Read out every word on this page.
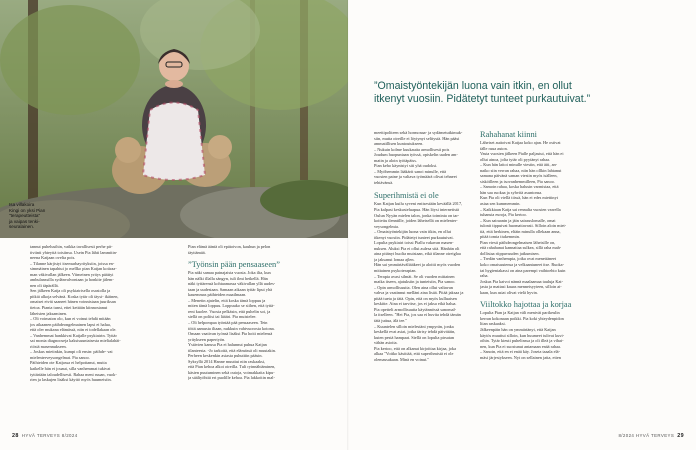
Isa villakoira
Kingi on yksi Pian
"terapeutteista"
ja vaipas tenki-
seuralainen.
tannut puhelusihin, vaikka tavallisesti perhe pit-
tiviinti yhteyttä toisiinsa. Usein Pia lähti lammitin-
neena Katjaan ovelta pois.
– Tilanne kärjistyi itsemurhayrityksiin, joissa en-
simmäinen tapahtui jo mellko pian Katjan kotiraa-
man väkivallan jälkeen. Viimeinen yritys päättyi
ambulanssilla sydänvalvontaan ja honkite jälem-
nen oli täpärällä.
Sen jälkeen Katja oli psykiatrisella osastolla ja
pitkiä alkoja selvänä. Koska tytär oli täysi- ikäinen,
omaiset eivät saaneet hänen voinnistaan juuriksan
tietoa. Pianta tunsi, ettei kettään kiinnostanut
läheisten jaksaminen.
– Oli voimaton olo, kun ei voinut tehdä mitään
jos aikaanen päihdeongelmainen lapsi ei halua,
että oler mukana elämässä, niin ei todellakaan ole.
– Vanhemmat hankkivat Katjalle psykiatrin. Tyttär
sai monia diagnooseja kaksisuuntaisesta mielialahäi-
riöstä masennukseen.
– Joskus mietinkin, kumpi oli ensin: päihde- vai
mielenterveysongelmat. Pia sanoo.
Päihteiden ote Katjassa ei helpottanut, mutta
kaikelle hän ei jouaut, silla vanhemmat tukivat
tyttärtään taloudellisesti. Rahaa meni ruuan, vuok-
rien ja laskujen lisäksi käyttö myös huumeisiin.
Pian elämä ääntä oli epätoivon, kauhun ja pelon
täyttämää.
”Työnsin pään pensaaseen”
Pia näki samaa painajaista vuosia. Joka ilta, kun
hän nälki illalla sängyn, tuli ilmi hetkellä. Hän
näki tyttärensä kohtaamassa väkivallan yllä uudes-
taan ja uudestaan. Samaan aikaan tyttär lipui yhä
kauemmas päihteiden maailmaan.
– Menetin ajatelin, että koska tämä loppuu ja
miten tämä loppuu. Loppuuko se siihen, että tyttä-
reni kuolee. Vuosia pelkäsin, että puhelin soi, ja
siellä on poliisi tai läääri. Pia muistelee.
– Oli helpompaa työntää pää pensaaseen. Tein
töitä aamusta iltaan, nukkuin vahtvuorosta kotona.
Omaan vaativan työnsä lisäksi Pia hoiti mielensä
yritykseen papertyön.
Ystävien kanssa Pia ei halunnut puhua Katjan
tilanteesta. -Jo tarkoitä, että elämässä oli muutakin.
Perheen keskenkin asiasta puhuttiin pääsin.
Syksyllä 2014 Hanne muuttui niin raskaaksi,
että Pian kehoa alkoi oireilla. Tuli ryinnähtäminen,
käsien puutuminen sekä outoja, voimakkaita kipu-
ja sääliyöhtiä eri puolille kehoa. Pia lakkoitin mal-
28 HYVÄ TERVEYS 8/2024
”Omaistyöntekijän luona vain itkin, en ollut
itkenyt vuosiin. Pidätetyt tunteet purkautuivat.”
meettipoliteen sekä hormonaa- ja sydämetutkimuk-
siin, mutta oireille ei löytynyt selitystä. Hän pääsi
ammatillisen kuntoutukseen.
– Nukuin kolme kuukautta armollisesti pois
Joudum huopuntaan työssä, opiskelin uuden am-
matin ja aloin työtäpäiss.
Pian keho käynistyi siti yhä oudoksi.
– Myöhemmin lääkärit sanoi minulle, että
vuosien paine ja valtava työmäärä olivat tehneet
tehtävänsä.
Superihmistä ei ole
Kun Katjan kuilu syveni entisestään keväällä 2017,
Pia kalpasi keskusteluapua. Hän löysi internetistä
Oulun Nyyän mielen talon, jonka toiminta on tar-
koitettu tlenntille, joiden läheisellä on mielenter-
veysongelmia.
– Omaistyöntekijän luona vain itkin, en ollut
itkenyt vuosiin. Pidätetyt tunteet purkautuivat.
Lopulta psykiatri toissi Piallu vakavan masen-
nuksen. Aluksi Pia ei oflut aulesa sitä. Hänhän oli
aina pitänyt huolta muistaan, eikä tilanne oireiglaa
ja jaksanut lomaa ajlen.
Hän sai ymmärtäväliääkeet ja aloitti myös vuoden
mittainen psykoterapian.
– Terapia avasi silmät. Se oli vuoden mittainen
matka itseen, ajatuksiin ja tunteisiin, Pia sanoo.
– Opin armollisuutta. Olen aina ollut valtavan
vahva ja vaatinnut melläni aina lisää. Pitää jaksaa ja
pitää tueta ja tätä. Opin, että on myös kulluaisen
keskitte. Aina ei tarvitse, jos ei jaksa eikä halua.
Pia opetteli armollisuutta käytännössä sanomal-
la itselleen. "Hei Pia, jos saa ei huvita tehdä tämän
tätä juttua, älä tee."
– Kuuntelen silloin mielestäni ympyrän, jonka
keskellä evat asiat, jotka tärisy tehdä päivittäin,
kuten pestä hampaat. Siellä on lopulta pirsatan
vähän asioita.
Pia kertoo, että on alkanut kirjoittaa kirjaa, joka
alkaa "Voitko käsittää, että superihmistä ei ole
olemassakaan. Minä en voinut."
Rahahanat kiinni
Läheiset auttoivat Katjaa koko ajan. He ostivat
tälle ruua auton.
Vasta vuosien jälkeen Pialle paljastui, että hän ei
ollut ainoa, jolta tytär oli pyytänyt rahaa.
– Kun hän laitoi minulle viestin, että äiti, an-
naiko siin verran rahaa, niin hän ollkin lahtanut
samana päivänä saman viestin myös isälleen,
sisköilleen ja isovanhemmilleen, Pia sanoo.
– Samoin rahaa, koska halusin varmistaa, että
hän saa ruokaa ja syhvitä asuntonsa.
Kun Pia oli viellä tiissä, hän ei edes miettinyt
asiaa sen kummemmin.
– Kaikkiaan Katja sai rennalta vuosien varrella
tuhansia euroja, Pia kertoo.
– Kun sairaanin ja jäin sairauslomalle, omat
tulonit tippuivat huomattavasti. Silloin aloin miet-
tiä, että herkinen, eltäin minulla ollekaan anna,
pitää tomia tiukemmin.
Pian viesti päihdeongelmaisen läheisille on,
että rahahanat kannattaa sulkea, sillä raha mah-
dollistaa riippuvuuden jatkumisen.
– Tredän vanhempia, jotka ovat menettäneet
koko omaisuutensa ja velkaantuneet itse. Ruoka-
tai hygieniakassi on aina parempi vaihtoehto kuin
raha.
Joskus Pia kaivoi nännä maalaamaa tauluja Kat-
jasta ja mattasi kauas menneisyyteen, silloin ai-
kaan, kun asiat olivat vielä hyvin.
Viiltokko hajottaa ja korjaa
Lopulta Pian ja Katjan väli meniväi parikeulin
kerran kokonaan poikki. Pia koki yhteydenpidon
liian raskaaksi.
Jälkeenpäin hän on ymmärtänyt, että Katjan
käytös muuttui silloin, kun huumeet tulivat kuvi-
oihin. Tytär kieuti puhelinssa ja oli illeä ja vihai-
nen, kun Pia ei suostunut antamaan enää rahaa.
– Sanoin, että en ei enää käy. Joseta taaala elä-
mäsi järjestykseen. Nyt on sellainen jatta, etten
8/2024 HYVÄ TERVEYS 29
